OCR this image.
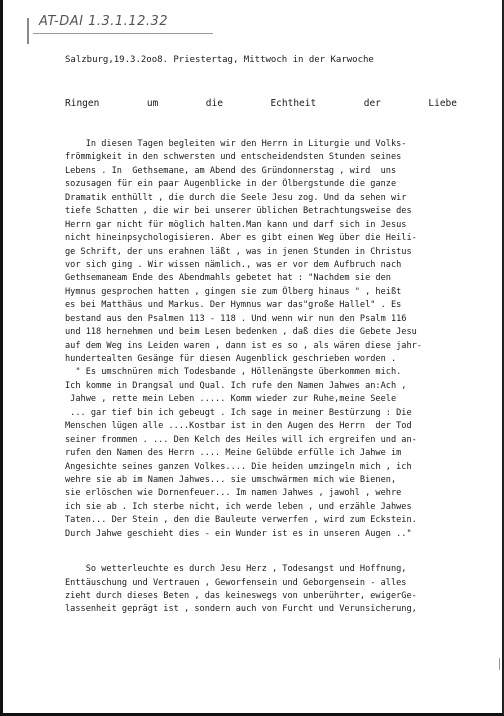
AT-DAI 1.3.1.12.32
Salzburg,19.3.2oo8. Priestertag, Mittwoch in der Karwoche
Ringen	um	die	Echtheit	der	Liebe
In diesen Tagen begleiten wir den Herrn in Liturgie und Volks-
frömmigkeit in den schwersten und entscheidendsten Stunden seines
Lebens . In  Gethsemane, am Abend des Gründonnerstag , wird  uns
sozusagen für ein paar Augenblicke in der Ölbergstunde die ganze
Dramatik enthüllt , die durch die Seele Jesu zog. Und da sehen wir
tiefe Schatten , die wir bei unserer üblichen Betrachtungsweise des
Herrn gar nicht für möglich halten.Man kann und darf sich in Jesus
nicht hineinpsychologisieren. Aber es gibt einen Weg über die Heili-
ge Schrift, der uns erahnen läßt , was in jenen Stunden in Christus
vor sich ging . Wir wissen nämlich., was er vor dem Aufbruch nach
Gethsemaneam Ende des Abendmahls gebetet hat : "Nachdem sie den
Hymnus gesprochen hatten , gingen sie zum Ölberg hinaus " , heißt
es bei Matthäus und Markus. Der Hymnus war das"große Hallel" . Es
bestand aus den Psalmen 113 - 118 . Und wenn wir nun den Psalm 116
und 118 hernehmen und beim Lesen bedenken , daß dies die Gebete Jesu
auf dem Weg ins Leiden waren , dann ist es so , als wären diese jahr-
hundertealten Gesänge für diesen Augenblick geschrieben worden .
" Es umschnüren mich Todesbande , Höllenängste überkommen mich.
Ich komme in Drangsal und Qual. Ich rufe den Namen Jahwes an:Ach ,
Jahwe , rette mein Leben ..... Komm wieder zur Ruhe,meine Seele
... gar tief bin ich gebeugt . Ich sage in meiner Bestürzung : Die
Menschen lügen alle ....Kostbar ist in den Augen des Herrn  der Tod
seiner frommen . ... Den Kelch des Heiles will ich ergreifen und an-
rufen den Namen des Herrn .... Meine Gelübde erfülle ich Jahwe im
Angesichte seines ganzen Volkes.... Die heiden umzingeln mich , ich
wehre sie ab im Namen Jahwes... sie umschwärmen mich wie Bienen,
sie erlöschen wie Dornenfeuer... Im namen Jahwes , jawohl , wehre
ich sie ab . Ich sterbe nicht, ich werde leben , und erzähle Jahwes
Taten... Der Stein , den die Bauleute verwerfen , wird zum Eckstein.
Durch Jahwe geschieht dies - ein Wunder ist es in unseren Augen .."
So wetterleuchte es durch Jesu Herz , Todesangst und Hoffnung,
Enttäuschung und Vertrauen , Geworfensein und Geborgensein - alles
zieht durch dieses Beten , das keineswegs von unberührter, ewigerGe-
lassenheit geprägt ist , sondern auch von Furcht und Verunsicherung,
